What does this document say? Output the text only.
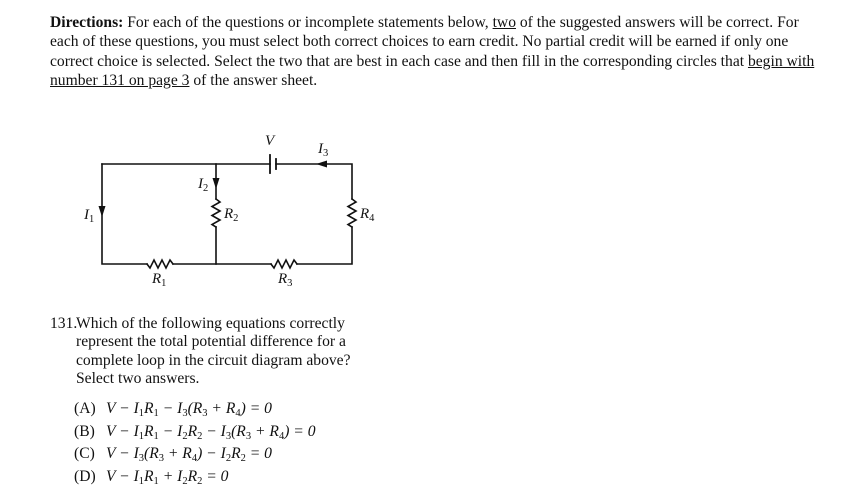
Directions: For each of the questions or incomplete statements below, two of the suggested answers will be correct. For each of these questions, you must select both correct choices to earn credit. No partial credit will be earned if only one correct choice is selected. Select the two that are best in each case and then fill in the corresponding circles that begin with number 131 on page 3 of the answer sheet.
V	$I_3$
$I_2$
$I_1$	$R_2$	$R_4$
$R_1$	$R_3$
131.
Which of the following equations correctly represent the total potential difference for a complete loop in the circuit diagram above? Select two answers.
(A) $V - I_1R_1 - I_3(R_3 + R_4) = 0$
(B) $V - I_1R_1 - I_2R_2 - I_3(R_3 + R_4) = 0$
(C) $V - I_3(R_3 + R_4) - I_2R_2 = 0$
(D) $V - I_1R_1 + I_2R_2 = 0$
